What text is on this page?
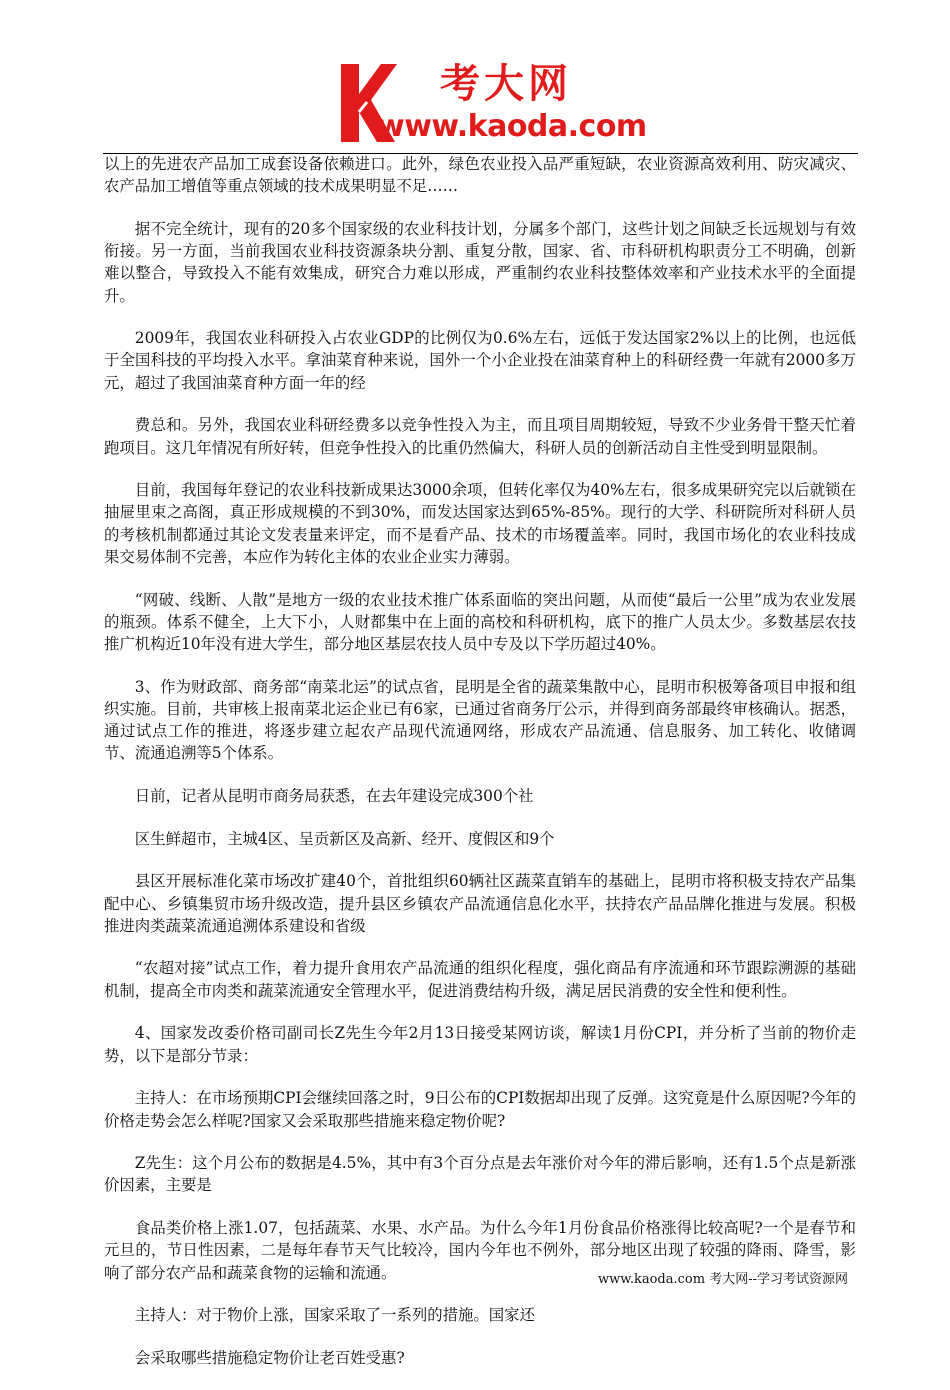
考大网
www.kaoda.com

以上的先进农产品加工成套设备依赖进口。此外，绿色农业投入品严重短缺，农业资源高效利用、防灾减灾、农产品加工增值等重点领域的技术成果明显不足……

据不完全统计，现有的20多个国家级的农业科技计划，分属多个部门，这些计划之间缺乏长远规划与有效衔接。另一方面，当前我国农业科技资源条块分割、重复分散，国家、省、市科研机构职责分工不明确，创新难以整合，导致投入不能有效集成，研究合力难以形成，严重制约农业科技整体效率和产业技术水平的全面提升。

2009年，我国农业科研投入占农业GDP的比例仅为0.6%左右，远低于发达国家2%以上的比例，也远低于全国科技的平均投入水平。拿油菜育种来说，国外一个小企业投在油菜育种上的科研经费一年就有2000多万元，超过了我国油菜育种方面一年的经

费总和。另外，我国农业科研经费多以竞争性投入为主，而且项目周期较短，导致不少业务骨干整天忙着跑项目。这几年情况有所好转，但竞争性投入的比重仍然偏大，科研人员的创新活动自主性受到明显限制。

目前，我国每年登记的农业科技新成果达3000余项，但转化率仅为40%左右，很多成果研究完以后就锁在抽屉里束之高阁，真正形成规模的不到30%，而发达国家达到65%-85%。现行的大学、科研院所对科研人员的考核机制都通过其论文发表量来评定，而不是看产品、技术的市场覆盖率。同时，我国市场化的农业科技成果交易体制不完善，本应作为转化主体的农业企业实力薄弱。

“网破、线断、人散”是地方一级的农业技术推广体系面临的突出问题，从而使“最后一公里”成为农业发展的瓶颈。体系不健全，上大下小，人财都集中在上面的高校和科研机构，底下的推广人员太少。多数基层农技推广机构近10年没有进大学生，部分地区基层农技人员中专及以下学历超过40%。

3、作为财政部、商务部“南菜北运”的试点省，昆明是全省的蔬菜集散中心，昆明市积极筹备项目申报和组织实施。目前，共审核上报南菜北运企业已有6家，已通过省商务厅公示，并得到商务部最终审核确认。据悉，通过试点工作的推进，将逐步建立起农产品现代流通网络，形成农产品流通、信息服务、加工转化、收储调节、流通追溯等5个体系。

日前，记者从昆明市商务局获悉，在去年建设完成300个社

区生鲜超市，主城4区、呈贡新区及高新、经开、度假区和9个

县区开展标准化菜市场改扩建40个，首批组织60辆社区蔬菜直销车的基础上，昆明市将积极支持农产品集配中心、乡镇集贸市场升级改造，提升县区乡镇农产品流通信息化水平，扶持农产品品牌化推进与发展。积极推进肉类蔬菜流通追溯体系建设和省级

“农超对接”试点工作，着力提升食用农产品流通的组织化程度，强化商品有序流通和环节跟踪溯源的基础机制，提高全市肉类和蔬菜流通安全管理水平，促进消费结构升级，满足居民消费的安全性和便利性。

4、国家发改委价格司副司长Z先生今年2月13日接受某网访谈，解读1月份CPI，并分析了当前的物价走势，以下是部分节录：

主持人：在市场预期CPI会继续回落之时，9日公布的CPI数据却出现了反弹。这究竟是什么原因呢?今年的价格走势会怎么样呢?国家又会采取那些措施来稳定物价呢?

Z先生：这个月公布的数据是4.5%，其中有3个百分点是去年涨价对今年的滞后影响，还有1.5个点是新涨价因素，主要是

食品类价格上涨1.07，包括蔬菜、水果、水产品。为什么今年1月份食品价格涨得比较高呢?一个是春节和元旦的，节日性因素，二是每年春节天气比较冷，国内今年也不例外，部分地区出现了较强的降雨、降雪，影响了部分农产品和蔬菜食物的运输和流通。

主持人：对于物价上涨，国家采取了一系列的措施。国家还

会采取哪些措施稳定物价让老百姓受惠?

www.kaoda.com 考大网--学习考试资源网
